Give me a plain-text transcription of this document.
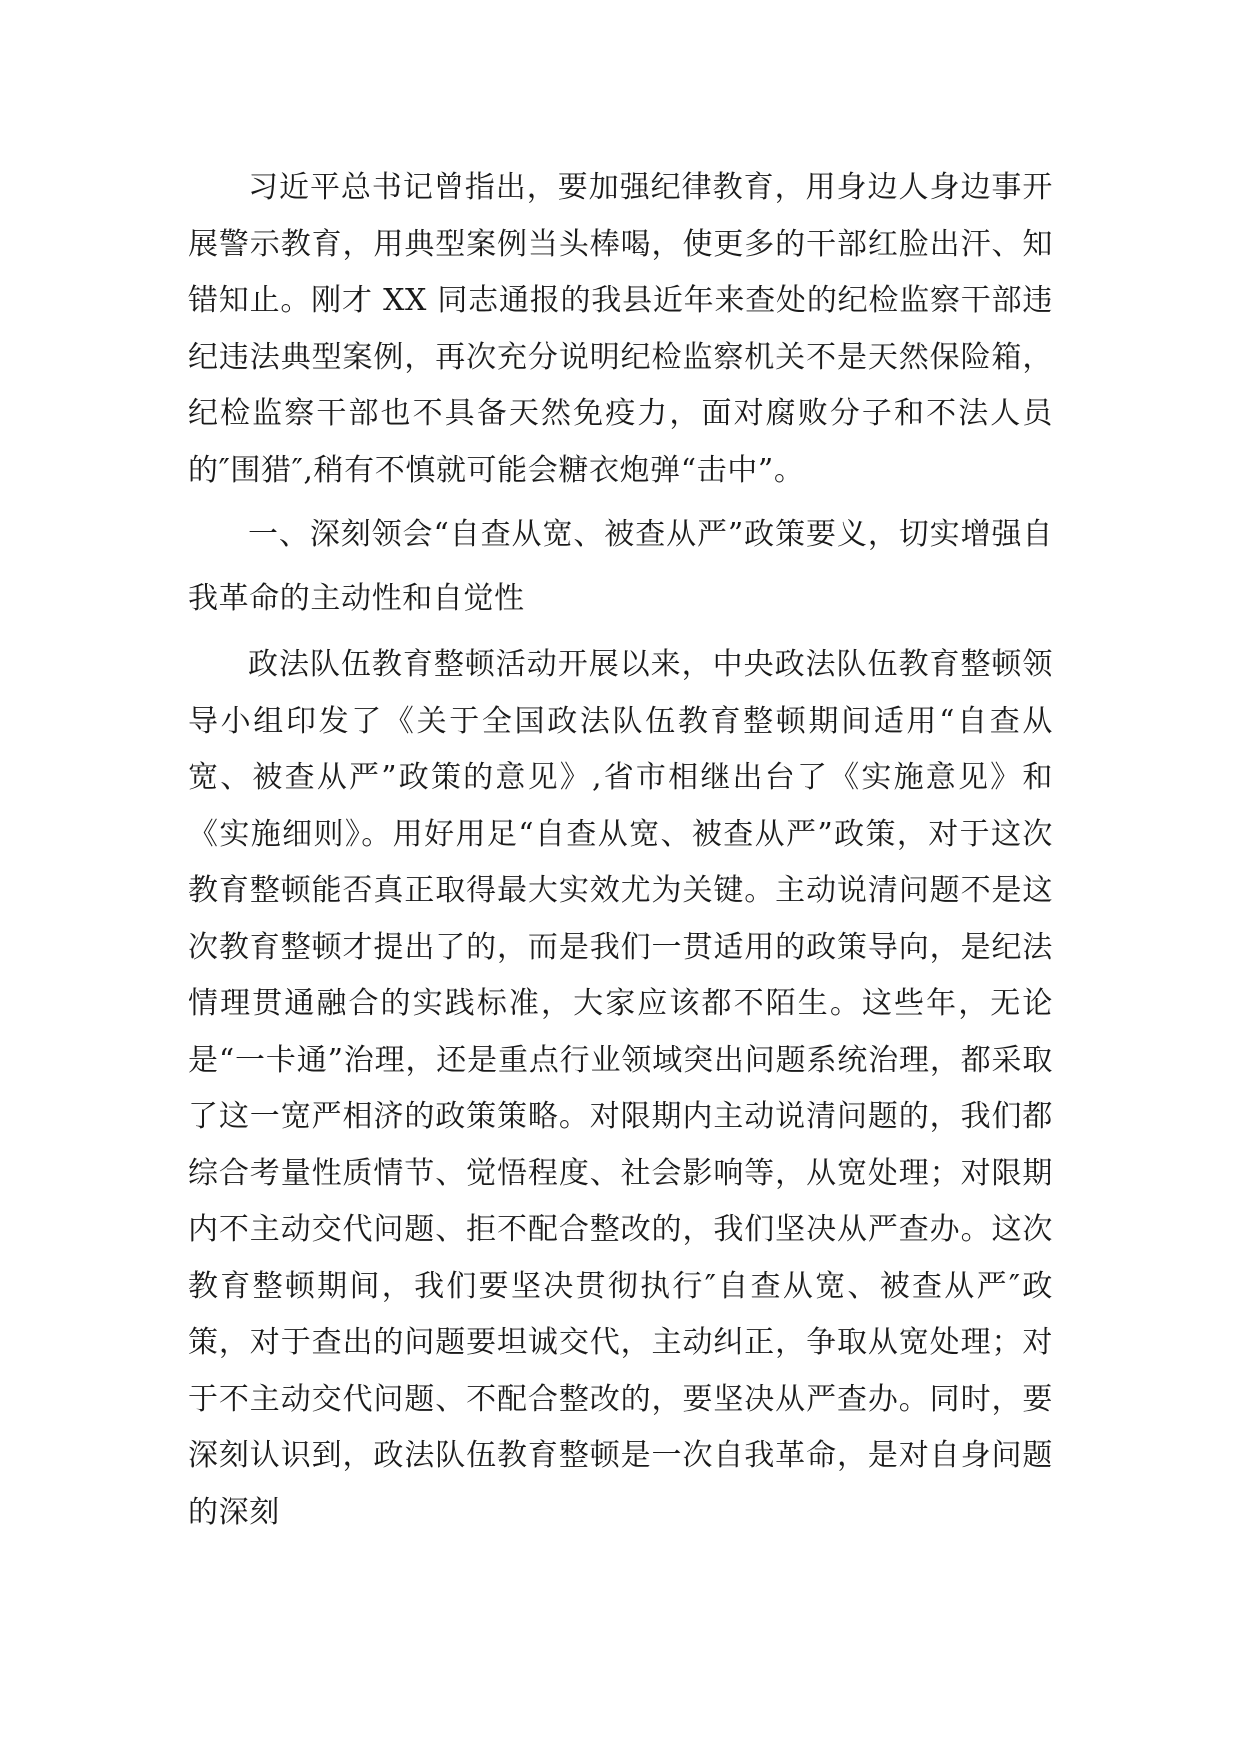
习近平总书记曾指出，要加强纪律教育，用身边人身边事开展警示教育，用典型案例当头棒喝，使更多的干部红脸出汗、知错知止。刚才 XX 同志通报的我县近年来查处的纪检监察干部违纪违法典型案例，再次充分说明纪检监察机关不是天然保险箱，纪检监察干部也不具备天然免疫力，面对腐败分子和不法人员的″围猎″,稍有不慎就可能会糖衣炮弹“击中”。

一、深刻领会“自查从宽、被查从严”政策要义，切实增强自我革命的主动性和自觉性

政法队伍教育整顿活动开展以来，中央政法队伍教育整顿领导小组印发了《关于全国政法队伍教育整顿期间适用“自查从宽、被查从严”政策的意见》,省市相继出台了《实施意见》和《实施细则》。用好用足“自查从宽、被查从严”政策，对于这次教育整顿能否真正取得最大实效尤为关键。主动说清问题不是这次教育整顿才提出了的，而是我们一贯适用的政策导向，是纪法情理贯通融合的实践标准，大家应该都不陌生。这些年，无论是“一卡通”治理，还是重点行业领域突出问题系统治理，都采取了这一宽严相济的政策策略。对限期内主动说清问题的，我们都综合考量性质情节、觉悟程度、社会影响等，从宽处理；对限期内不主动交代问题、拒不配合整改的，我们坚决从严查办。这次教育整顿期间，我们要坚决贯彻执行″自查从宽、被查从严″政策，对于查出的问题要坦诚交代，主动纠正，争取从宽处理；对于不主动交代问题、不配合整改的，要坚决从严查办。同时，要深刻认识到，政法队伍教育整顿是一次自我革命，是对自身问题的深刻
